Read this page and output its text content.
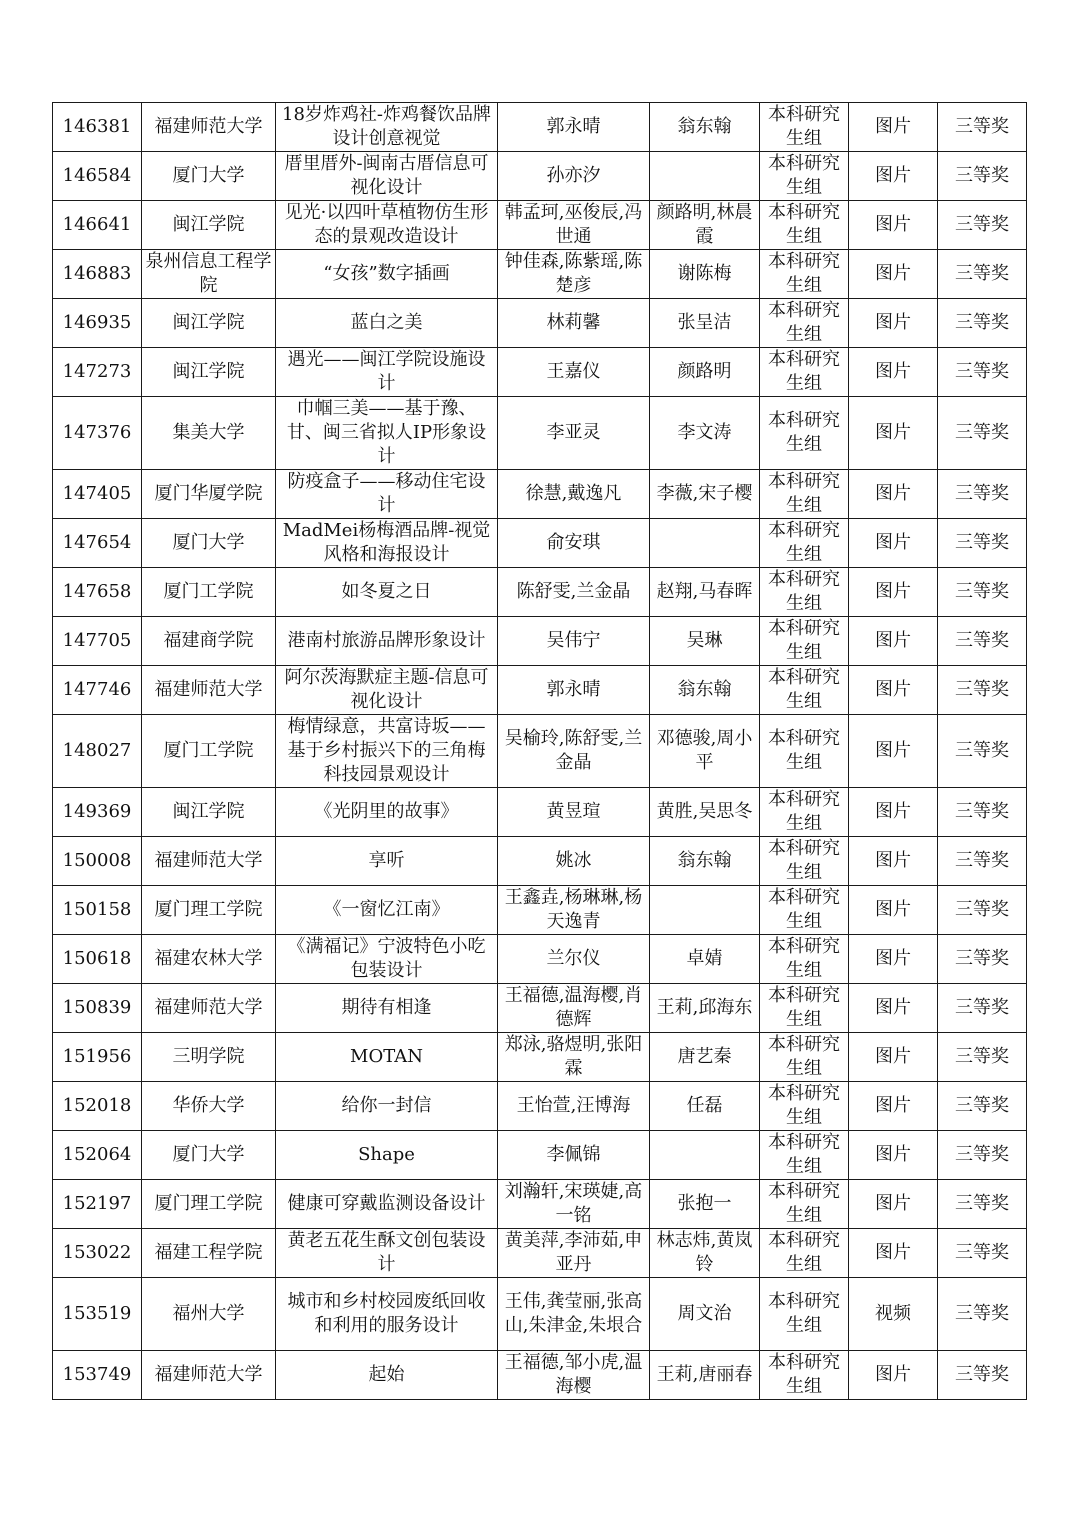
146381	福建师范大学	18岁炸鸡社-炸鸡餐饮品牌设计创意视觉	郭永晴	翁东翰	本科研究生组	图片	三等奖
146584	厦门大学	厝里厝外-闽南古厝信息可视化设计	孙亦汐		本科研究生组	图片	三等奖
146641	闽江学院	见光·以四叶草植物仿生形态的景观改造设计	韩孟珂,巫俊辰,冯世通	颜路明,林晨霞	本科研究生组	图片	三等奖
146883	泉州信息工程学院	“女孩”数字插画	钟佳森,陈紫瑶,陈楚彦	谢陈梅	本科研究生组	图片	三等奖
146935	闽江学院	蓝白之美	林莉馨	张呈洁	本科研究生组	图片	三等奖
147273	闽江学院	遇光——闽江学院设施设计	王嘉仪	颜路明	本科研究生组	图片	三等奖
147376	集美大学	巾帼三美——基于豫、甘、闽三省拟人IP形象设计	李亚灵	李文涛	本科研究生组	图片	三等奖
147405	厦门华厦学院	防疫盒子——移动住宅设计	徐慧,戴逸凡	李薇,宋子樱	本科研究生组	图片	三等奖
147654	厦门大学	MadMei杨梅酒品牌-视觉风格和海报设计	俞安琪		本科研究生组	图片	三等奖
147658	厦门工学院	如冬夏之日	陈舒雯,兰金晶	赵翔,马春晖	本科研究生组	图片	三等奖
147705	福建商学院	港南村旅游品牌形象设计	吴伟宁	吴琳	本科研究生组	图片	三等奖
147746	福建师范大学	阿尔茨海默症主题-信息可视化设计	郭永晴	翁东翰	本科研究生组	图片	三等奖
148027	厦门工学院	梅情绿意，共富诗坂——基于乡村振兴下的三角梅科技园景观设计	吴榆玲,陈舒雯,兰金晶	邓德骏,周小平	本科研究生组	图片	三等奖
149369	闽江学院	《光阴里的故事》	黄昱瑄	黄胜,吴思冬	本科研究生组	图片	三等奖
150008	福建师范大学	享听	姚冰	翁东翰	本科研究生组	图片	三等奖
150158	厦门理工学院	《一窗忆江南》	王鑫垚,杨琳琳,杨天逸青		本科研究生组	图片	三等奖
150618	福建农林大学	《满福记》宁波特色小吃包装设计	兰尔仪	卓婧	本科研究生组	图片	三等奖
150839	福建师范大学	期待有相逢	王福德,温海樱,肖德辉	王莉,邱海东	本科研究生组	图片	三等奖
151956	三明学院	MOTAN	郑泳,骆煜明,张阳霖	唐艺秦	本科研究生组	图片	三等奖
152018	华侨大学	给你一封信	王怡萱,汪博海	任磊	本科研究生组	图片	三等奖
152064	厦门大学	Shape	李佩锦		本科研究生组	图片	三等奖
152197	厦门理工学院	健康可穿戴监测设备设计	刘瀚轩,宋瑛婕,高一铭	张抱一	本科研究生组	图片	三等奖
153022	福建工程学院	黄老五花生酥文创包装设计	黄美萍,李沛茹,申亚丹	林志炜,黄岚铃	本科研究生组	图片	三等奖
153519	福州大学	城市和乡村校园废纸回收和利用的服务设计	王伟,龚莹丽,张高山,朱津金,朱垠合	周文治	本科研究生组	视频	三等奖
153749	福建师范大学	起始	王福德,邹小虎,温海樱	王莉,唐丽春	本科研究生组	图片	三等奖
